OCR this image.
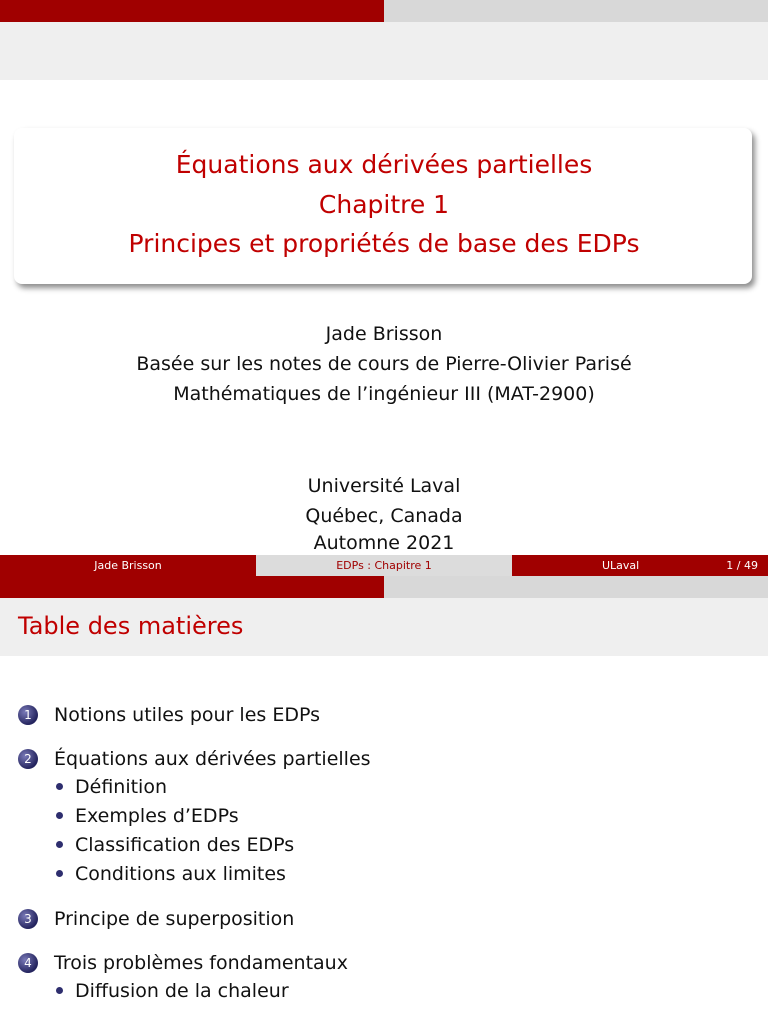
Équations aux dérivées partielles
Chapitre 1
Principes et propriétés de base des EDPs
Jade Brisson
Basée sur les notes de cours de Pierre-Olivier Parisé
Mathématiques de l’ingénieur III (MAT-2900)
Université Laval
Québec, Canada
Automne 2021
Jade Brisson	EDPs : Chapitre 1	ULaval	1 / 49
Table des matières
1	Notions utiles pour les EDPs
2	Équations aux dérivées partielles
Définition
Exemples d’EDPs
Classification des EDPs
Conditions aux limites
3	Principe de superposition
4	Trois problèmes fondamentaux
Diffusion de la chaleur
